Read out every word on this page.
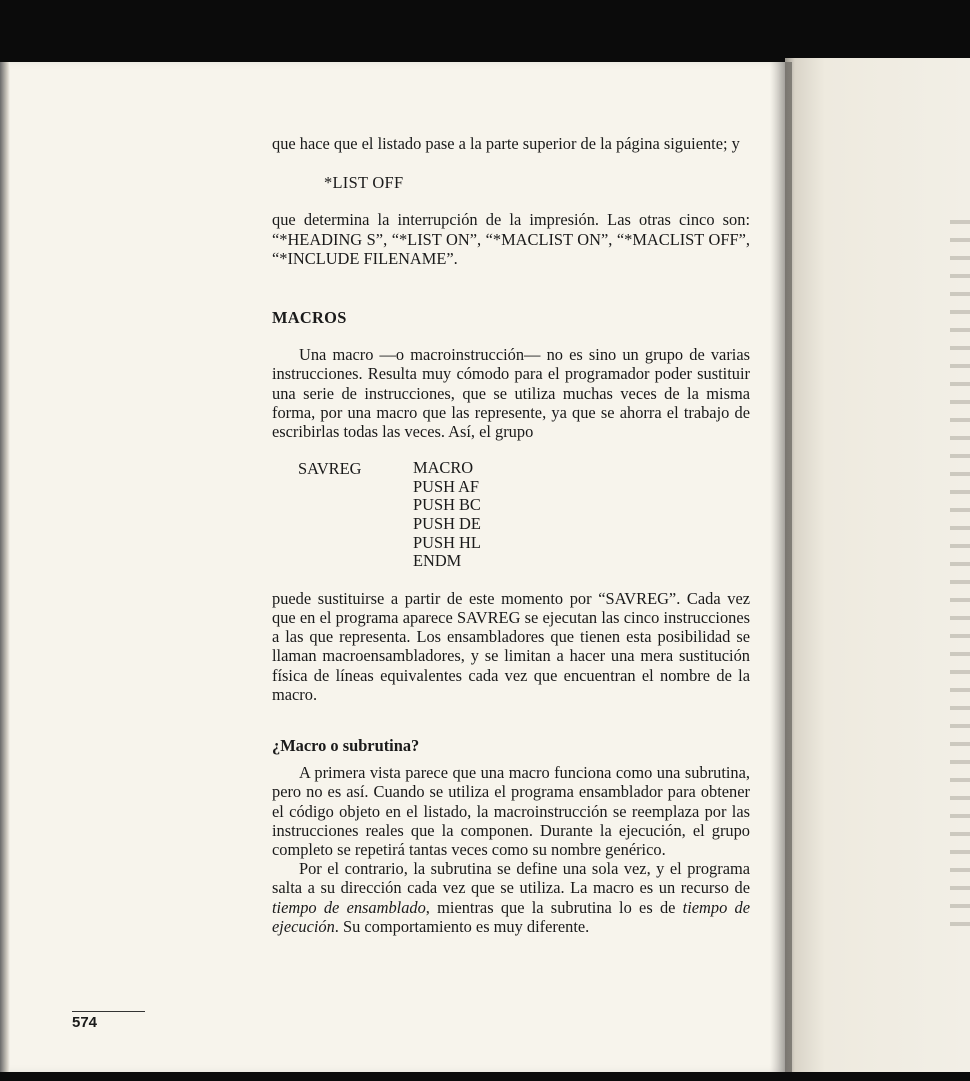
que hace que el listado pase a la parte superior de la página siguiente; y

*LIST OFF

que determina la interrupción de la impresión. Las otras cinco son: “*HEADING S”, “*LIST ON”, “*MACLIST ON”, “*MACLIST OFF”, “*INCLUDE FILENAME”.

MACROS

Una macro —o macroinstrucción— no es sino un grupo de varias instrucciones. Resulta muy cómodo para el programador poder sustituir una serie de instrucciones, que se utiliza muchas veces de la misma forma, por una macro que las represente, ya que se ahorra el trabajo de escribirlas todas las veces. Así, el grupo

SAVREG	MACRO
PUSH AF
PUSH BC
PUSH DE
PUSH HL
ENDM

puede sustituirse a partir de este momento por “SAVREG”. Cada vez que en el programa aparece SAVREG se ejecutan las cinco instrucciones a las que representa. Los ensambladores que tienen esta posibilidad se llaman macroensambladores, y se limitan a hacer una mera sustitución física de líneas equivalentes cada vez que encuentran el nombre de la macro.

¿Macro o subrutina?

A primera vista parece que una macro funciona como una subrutina, pero no es así. Cuando se utiliza el programa ensamblador para obtener el código objeto en el listado, la macroinstrucción se reemplaza por las instrucciones reales que la componen. Durante la ejecución, el grupo completo se repetirá tantas veces como su nombre genérico.

Por el contrario, la subrutina se define una sola vez, y el programa salta a su dirección cada vez que se utiliza. La macro es un recurso de tiempo de ensamblado, mientras que la subrutina lo es de tiempo de ejecución. Su comportamiento es muy diferente.

574
